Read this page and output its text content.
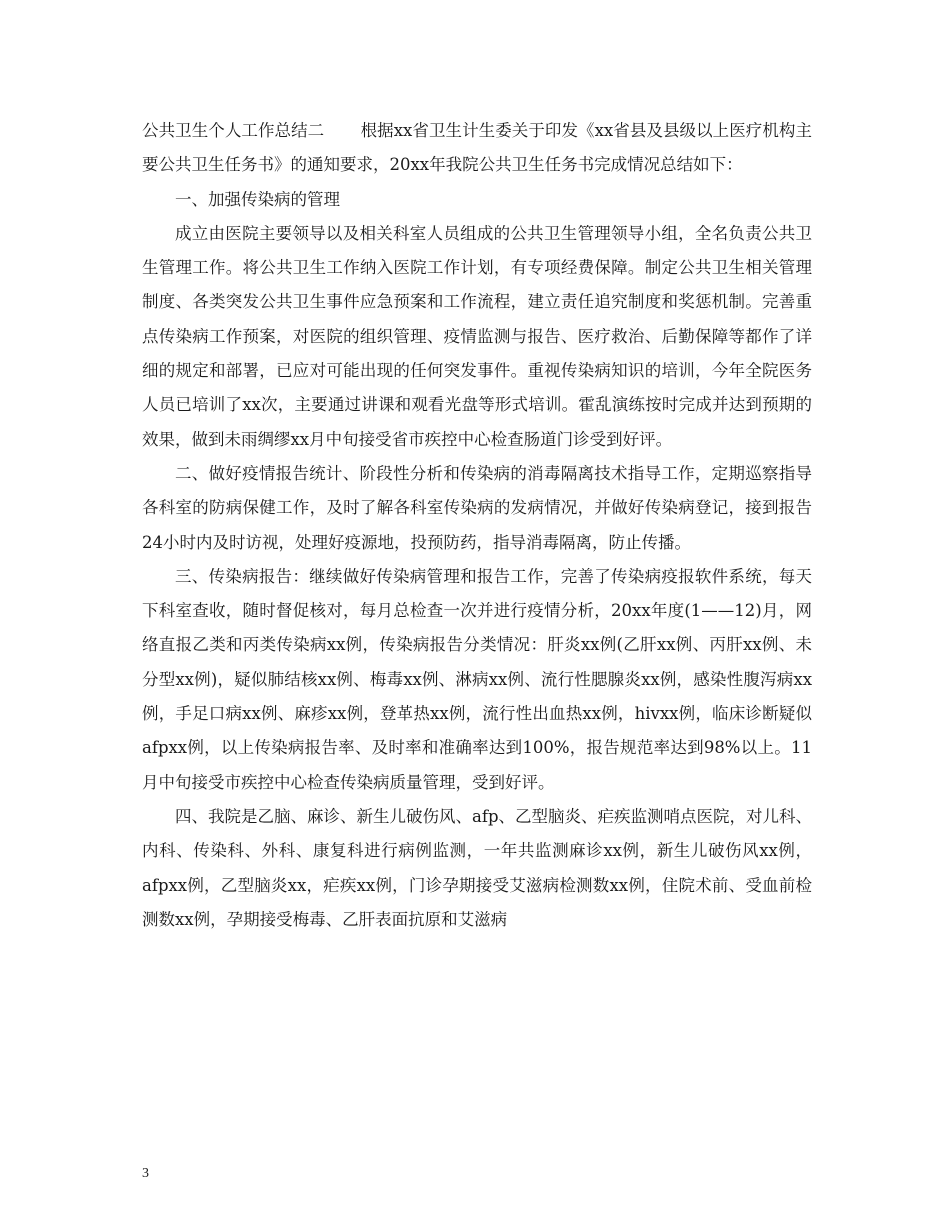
公共卫生个人工作总结二 根据xx省卫生计生委关于印发《xx省县及县级以上医疗机构主要公共卫生任务书》的通知要求，20xx年我院公共卫生任务书完成情况总结如下：

一、加强传染病的管理

成立由医院主要领导以及相关科室人员组成的公共卫生管理领导小组，全名负责公共卫生管理工作。将公共卫生工作纳入医院工作计划，有专项经费保障。制定公共卫生相关管理制度、各类突发公共卫生事件应急预案和工作流程，建立责任追究制度和奖惩机制。完善重点传染病工作预案，对医院的组织管理、疫情监测与报告、医疗救治、后勤保障等都作了详细的规定和部署，已应对可能出现的任何突发事件。重视传染病知识的培训，今年全院医务人员已培训了xx次，主要通过讲课和观看光盘等形式培训。霍乱演练按时完成并达到预期的效果，做到未雨绸缪xx月中旬接受省市疾控中心检查肠道门诊受到好评。

二、做好疫情报告统计、阶段性分析和传染病的消毒隔离技术指导工作，定期巡察指导各科室的防病保健工作，及时了解各科室传染病的发病情况，并做好传染病登记，接到报告24小时内及时访视，处理好疫源地，投预防药，指导消毒隔离，防止传播。

三、传染病报告：继续做好传染病管理和报告工作，完善了传染病疫报软件系统，每天下科室查收，随时督促核对，每月总检查一次并进行疫情分析，20xx年度(1——12)月，网络直报乙类和丙类传染病xx例，传染病报告分类情况：肝炎xx例(乙肝xx例、丙肝xx例、未分型xx例)，疑似肺结核xx例、梅毒xx例、淋病xx例、流行性腮腺炎xx例，感染性腹泻病xx例，手足口病xx例、麻疹xx例，登革热xx例，流行性出血热xx例，hivxx例，临床诊断疑似afpxx例，以上传染病报告率、及时率和准确率达到100%，报告规范率达到98%以上。11月中旬接受市疾控中心检查传染病质量管理，受到好评。

四、我院是乙脑、麻诊、新生儿破伤风、afp、乙型脑炎、疟疾监测哨点医院，对儿科、内科、传染科、外科、康复科进行病例监测，一年共监测麻诊xx例，新生儿破伤风xx例，afpxx例，乙型脑炎xx，疟疾xx例，门诊孕期接受艾滋病检测数xx例，住院术前、受血前检测数xx例，孕期接受梅毒、乙肝表面抗原和艾滋病

3
